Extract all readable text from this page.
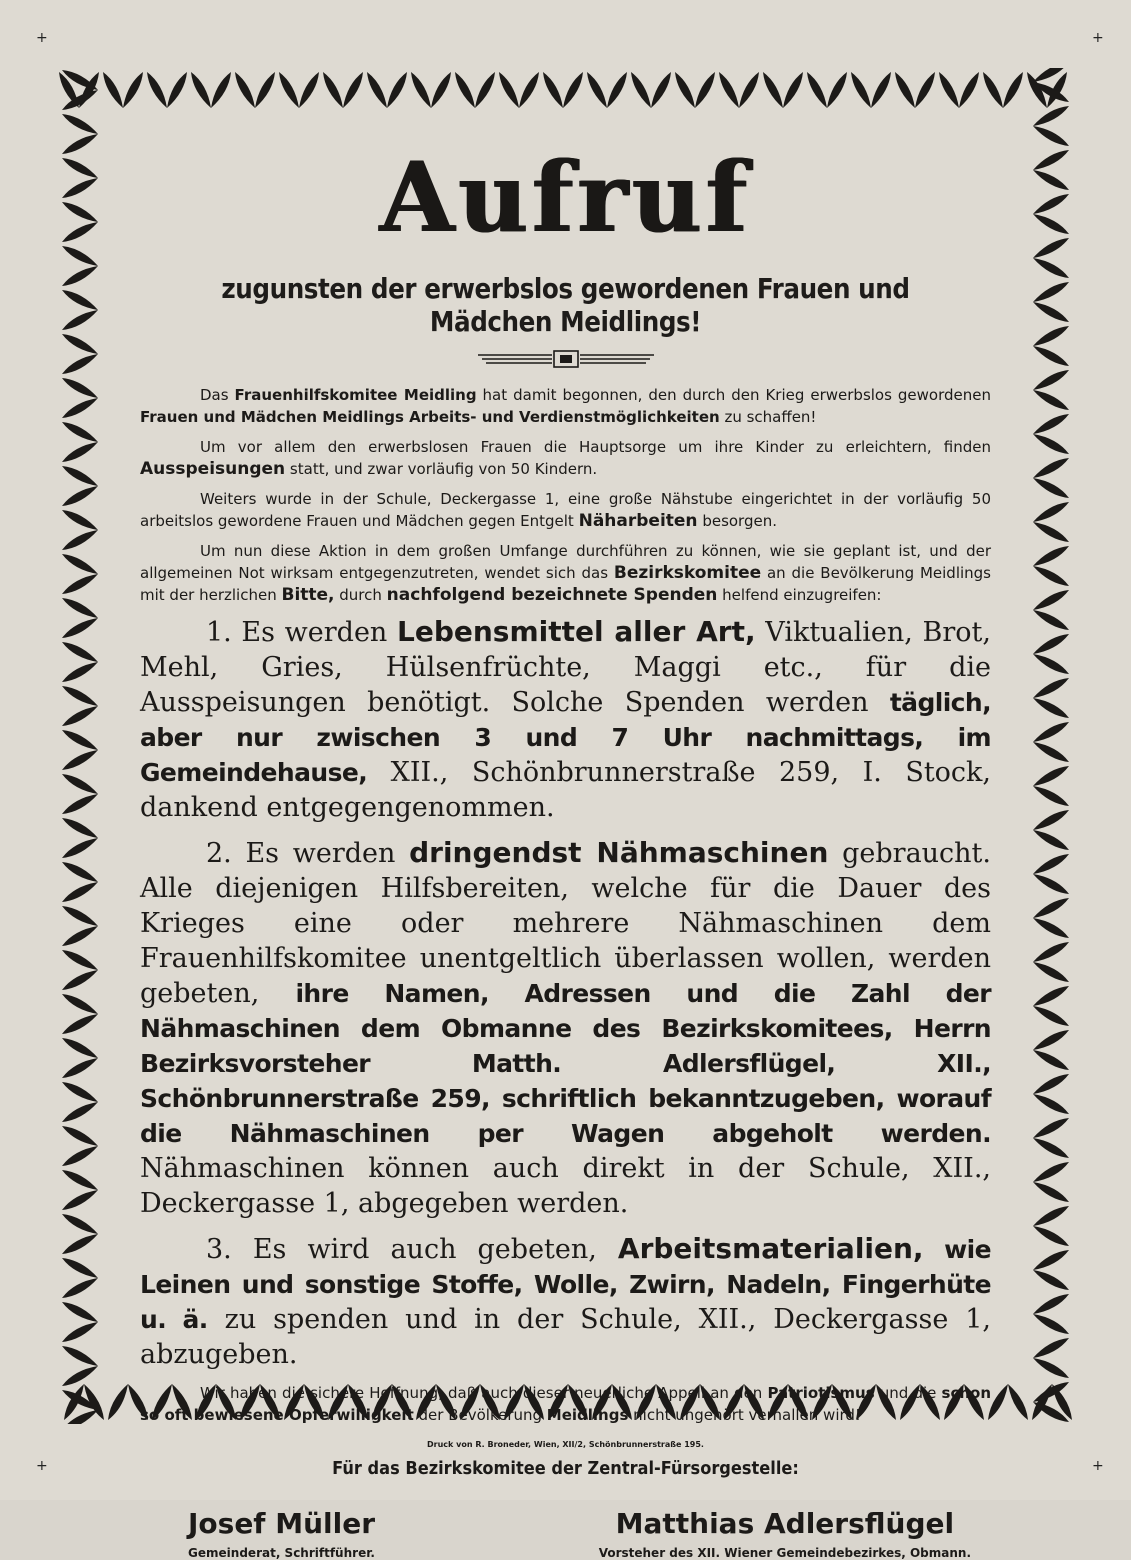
+	+
+	+
Aufruf
zugunsten der erwerbslos gewordenen Frauen und Mädchen Meidlings!

Das Frauenhilfskomitee Meidling hat damit begonnen, den durch den Krieg erwerbslos gewordenen Frauen und Mädchen Meidlings Arbeits- und Verdienstmöglichkeiten zu schaffen!

Um vor allem den erwerbslosen Frauen die Hauptsorge um ihre Kinder zu erleichtern, finden Ausspeisungen statt, und zwar vorläufig von 50 Kindern.

Weiters wurde in der Schule, Deckergasse 1, eine große Nähstube eingerichtet in der vorläufig 50 arbeitslos gewordene Frauen und Mädchen gegen Entgelt Näharbeiten besorgen.

Um nun diese Aktion in dem großen Umfange durchführen zu können, wie sie geplant ist, und der allgemeinen Not wirksam entgegenzutreten, wendet sich das Bezirkskomitee an die Bevölkerung Meidlings mit der herzlichen Bitte, durch nachfolgend bezeichnete Spenden helfend einzugreifen:

1. Es werden Lebensmittel aller Art, Viktualien, Brot, Mehl, Gries, Hülsenfrüchte, Maggi etc., für die Ausspeisungen benötigt. Solche Spenden werden täglich, aber nur zwischen 3 und 7 Uhr nachmittags, im Gemeindehause, XII., Schönbrunnerstraße 259, I. Stock, dankend entgegengenommen.

2. Es werden dringendst Nähmaschinen gebraucht. Alle diejenigen Hilfsbereiten, welche für die Dauer des Krieges eine oder mehrere Nähmaschinen dem Frauenhilfskomitee unentgeltlich überlassen wollen, werden gebeten, ihre Namen, Adressen und die Zahl der Nähmaschinen dem Obmanne des Bezirkskomitees, Herrn Bezirksvorsteher Matth. Adlersflügel, XII., Schönbrunnerstraße 259, schriftlich bekanntzugeben, worauf die Nähmaschinen per Wagen abgeholt werden. Nähmaschinen können auch direkt in der Schule, XII., Deckergasse 1, abgegeben werden.

3. Es wird auch gebeten, Arbeitsmaterialien, wie Leinen und sonstige Stoffe, Wolle, Zwirn, Nadeln, Fingerhüte u. ä. zu spenden und in der Schule, XII., Deckergasse 1, abzugeben.

Wir haben die sichere Hoffnung, daß auch dieser neuerliche Appell an den Patriotismus und die schon so oft bewiesene Opferwilligkeit der Bevölkerung Meidlings nicht ungehört verhallen wird!

Für das Bezirkskomitee der Zentral-Fürsorgestelle:
Josef Müller
Gemeinderat, Schriftführer.
Matthias Adlersflügel
Vorsteher des XII. Wiener Gemeindebezirkes, Obmann.
Druck von R. Broneder, Wien, XII/2, Schönbrunnerstraße 195.
